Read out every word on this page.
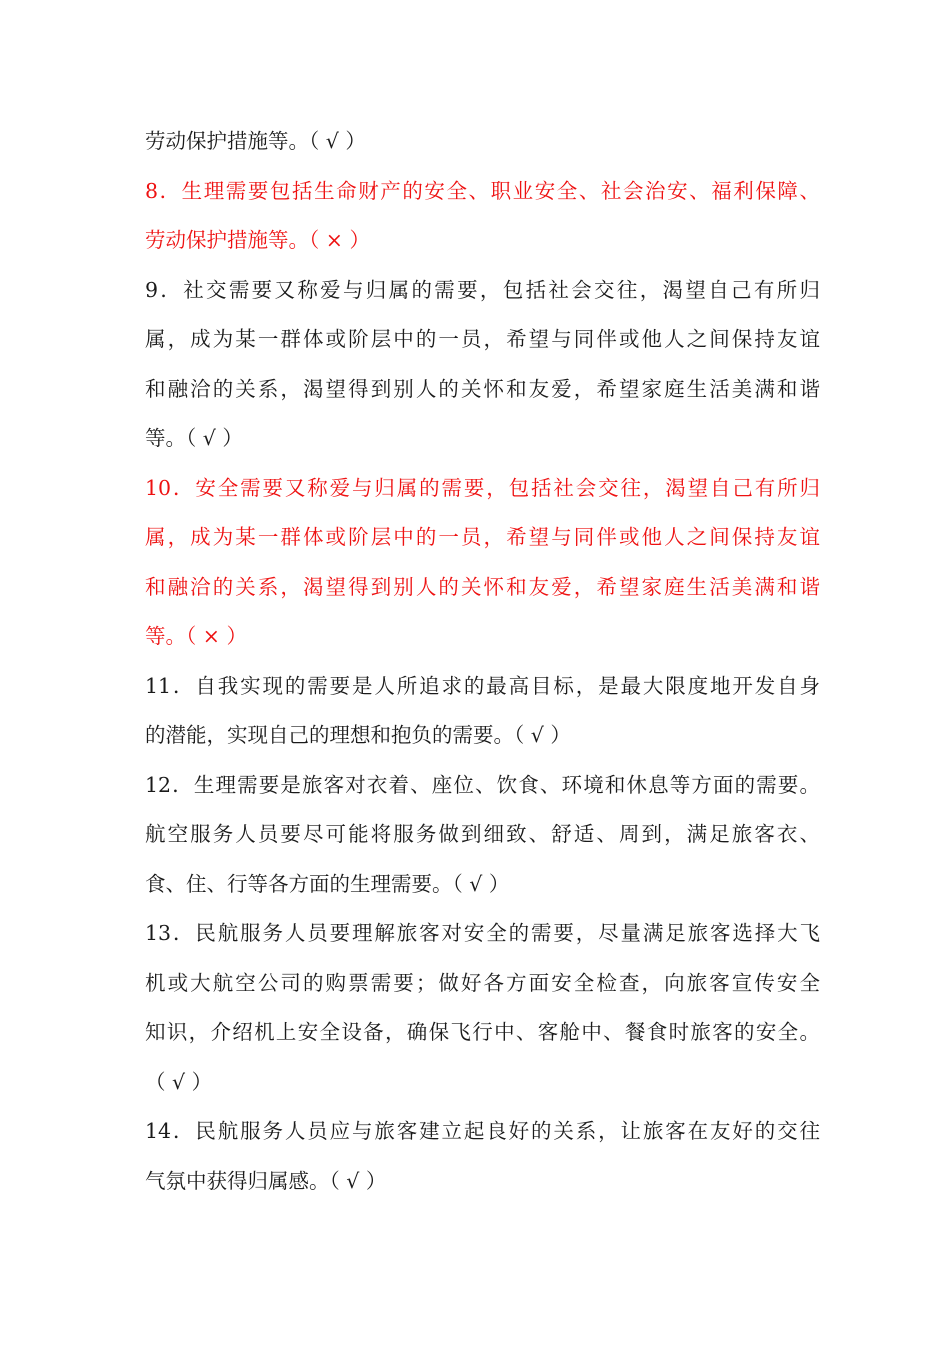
劳动保护措施等。（ √ ）
8．生理需要包括生命财产的安全、职业安全、社会治安、福利保障、
劳动保护措施等。（ × ）
9．社交需要又称爱与归属的需要，包括社会交往，渴望自己有所归
属，成为某一群体或阶层中的一员，希望与同伴或他人之间保持友谊
和融洽的关系，渴望得到别人的关怀和友爱，希望家庭生活美满和谐
等。（ √ ）
10．安全需要又称爱与归属的需要，包括社会交往，渴望自己有所归
属，成为某一群体或阶层中的一员，希望与同伴或他人之间保持友谊
和融洽的关系，渴望得到别人的关怀和友爱，希望家庭生活美满和谐
等。（ × ）
11．自我实现的需要是人所追求的最高目标，是最大限度地开发自身
的潜能，实现自己的理想和抱负的需要。（ √ ）
12．生理需要是旅客对衣着、座位、饮食、环境和休息等方面的需要。
航空服务人员要尽可能将服务做到细致、舒适、周到，满足旅客衣、
食、住、行等各方面的生理需要。（ √ ）
13．民航服务人员要理解旅客对安全的需要，尽量满足旅客选择大飞
机或大航空公司的购票需要；做好各方面安全检查，向旅客宣传安全
知识，介绍机上安全设备，确保飞行中、客舱中、餐食时旅客的安全。
（ √ ）
14．民航服务人员应与旅客建立起良好的关系，让旅客在友好的交往
气氛中获得归属感。（ √ ）
